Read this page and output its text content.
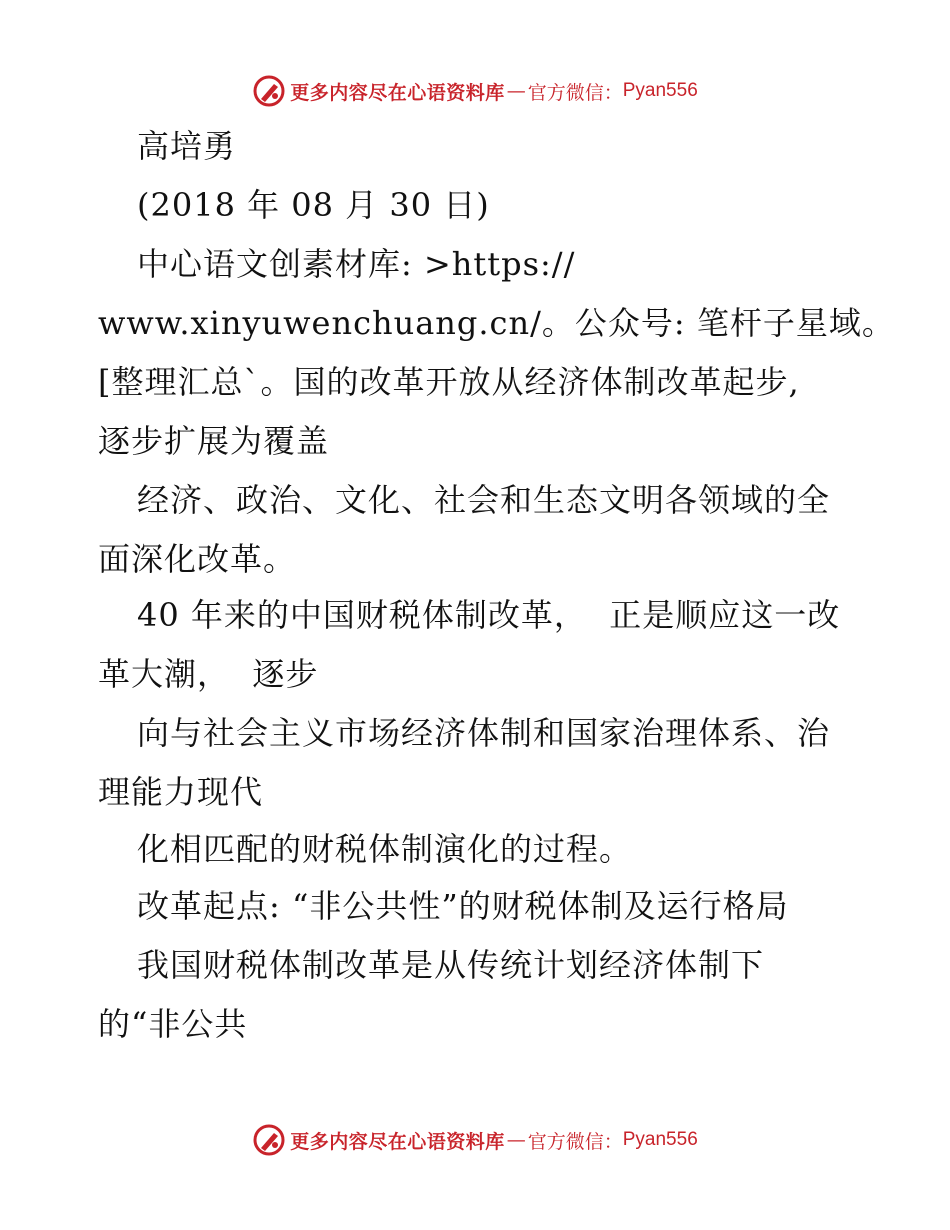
更多内容尽在心语资料库 — 官方微信： Pyan556
高培勇
(2018 年 08 月 30 日)
中心语文创素材库: >https://
www.xinyuwenchuang.cn/。公众号: 笔杆子星域。
[整理汇总`。国的改革开放从经济体制改革起步,
逐步扩展为覆盖
经济、政治、文化、社会和生态文明各领域的全
面深化改革。
40 年来的中国财税体制改革，  正是顺应这一改
革大潮，  逐步
向与社会主义市场经济体制和国家治理体系、治
理能力现代
化相匹配的财税体制演化的过程。
改革起点: “非公共性”的财税体制及运行格局
我国财税体制改革是从传统计划经济体制下
的“非公共
更多内容尽在心语资料库 — 官方微信： Pyan556
